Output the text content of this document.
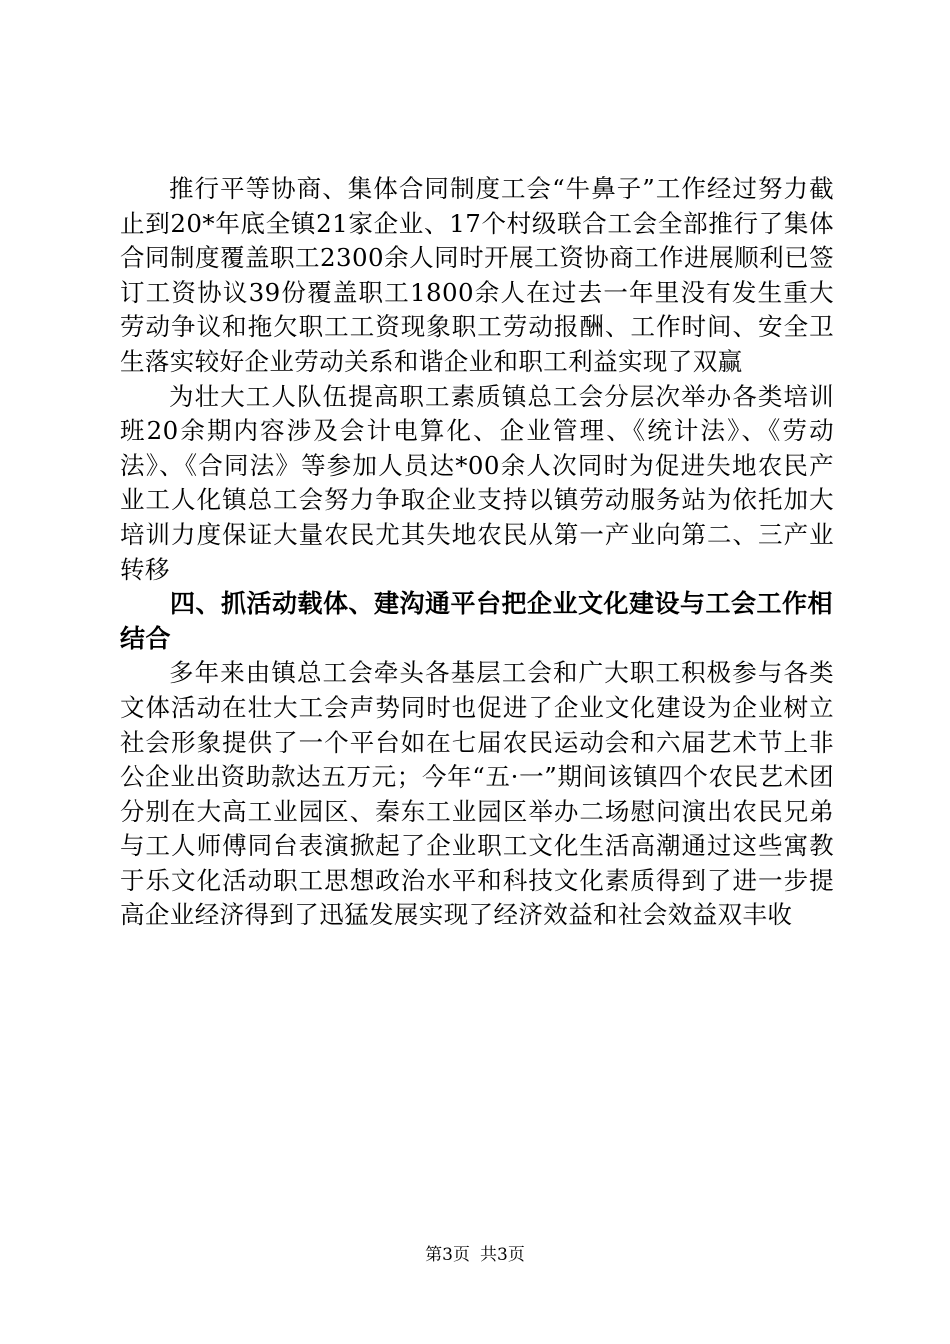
推行平等协商、集体合同制度工会“牛鼻子”工作经过努力截止到20*年底全镇21家企业、17个村级联合工会全部推行了集体合同制度覆盖职工2300余人同时开展工资协商工作进展顺利已签订工资协议39份覆盖职工1800余人在过去一年里没有发生重大劳动争议和拖欠职工工资现象职工劳动报酬、工作时间、安全卫生落实较好企业劳动关系和谐企业和职工利益实现了双赢

为壮大工人队伍提高职工素质镇总工会分层次举办各类培训班20余期内容涉及会计电算化、企业管理、《统计法》、《劳动法》、《合同法》等参加人员达*00余人次同时为促进失地农民产业工人化镇总工会努力争取企业支持以镇劳动服务站为依托加大培训力度保证大量农民尤其失地农民从第一产业向第二、三产业转移

四、抓活动载体、建沟通平台把企业文化建设与工会工作相结合

多年来由镇总工会牵头各基层工会和广大职工积极参与各类文体活动在壮大工会声势同时也促进了企业文化建设为企业树立社会形象提供了一个平台如在七届农民运动会和六届艺术节上非公企业出资助款达五万元；今年“五·一”期间该镇四个农民艺术团分别在大高工业园区、秦东工业园区举办二场慰问演出农民兄弟与工人师傅同台表演掀起了企业职工文化生活高潮通过这些寓教于乐文化活动职工思想政治水平和科技文化素质得到了进一步提高企业经济得到了迅猛发展实现了经济效益和社会效益双丰收

第3页 共3页
